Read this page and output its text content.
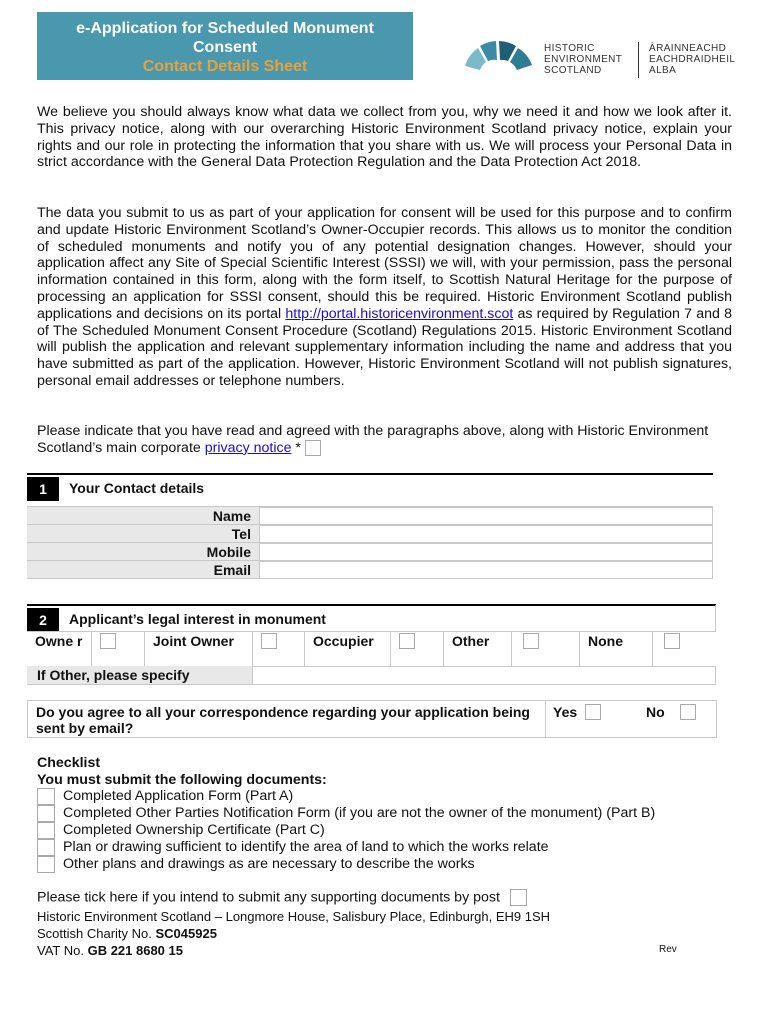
e-Application for Scheduled Monument
Consent
Contact Details Sheet
HISTORIC
ENVIRONMENT
SCOTLAND
ÀRAINNEACHD
EACHDRAIDHEIL
ALBA

We believe you should always know what data we collect from you, why we need it and how we look after it. This privacy notice, along with our overarching Historic Environment Scotland privacy notice, explain your rights and our role in protecting the information that you share with us. We will process your Personal Data in strict accordance with the General Data Protection Regulation and the Data Protection Act 2018.

The data you submit to us as part of your application for consent will be used for this purpose and to confirm and update Historic Environment Scotland’s Owner-Occupier records. This allows us to monitor the condition of scheduled monuments and notify you of any potential designation changes. However, should your application affect any Site of Special Scientific Interest (SSSI) we will, with your permission, pass the personal information contained in this form, along with the form itself, to Scottish Natural Heritage for the purpose of processing an application for SSSI consent, should this be required. Historic Environment Scotland publish applications and decisions on its portal http://portal.historicenvironment.scot as required by Regulation 7 and 8 of The Scheduled Monument Consent Procedure (Scotland) Regulations 2015. Historic Environment Scotland will publish the application and relevant supplementary information including the name and address that you have submitted as part of the application. However, Historic Environment Scotland will not publish signatures, personal email addresses or telephone numbers.

Please indicate that you have read and agreed with the paragraphs above, along with Historic Environment Scotland’s main corporate privacy notice *

1	Your Contact details
Name
Tel
Mobile
Email
2	Applicant’s legal interest in monument
Owne r	Joint Owner	Occupier	Other	None
If Other, please specify
Do you agree to all your correspondence regarding your application being sent by email?
Yes	No
Checklist
You must submit the following documents:
Completed Application Form (Part A)
Completed Other Parties Notification Form (if you are not the owner of the monument) (Part B)
Completed Ownership Certificate (Part C)
Plan or drawing sufficient to identify the area of land to which the works relate
Other plans and drawings as are necessary to describe the works
Please tick here if you intend to submit any supporting documents by post
Historic Environment Scotland – Longmore House, Salisbury Place, Edinburgh, EH9 1SH
Scottish Charity No. SC045925
VAT No. GB 221 8680 15	Rev
